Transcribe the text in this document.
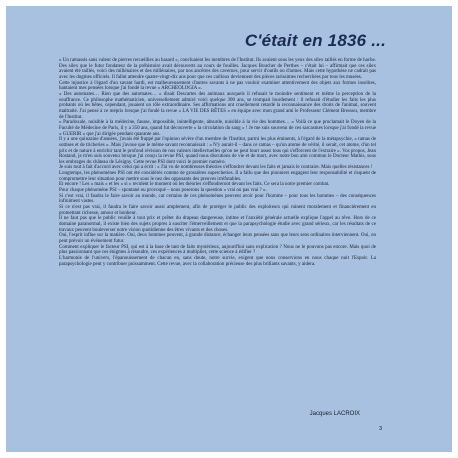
C'était en 1836 ...

« Un ramassis sans valeur de pierres recueillies au hasard », concluaient les membres de l'Institut. Ils avaient sous les yeux des silex taillés en forme de hache. Des silex que le futur fondateur de la préhistoire avait découverts au cours de fouilles. Jacques Boucher de Perthes – c'était lui – affirmait que ces silex avaient été taillés, voici des millénaires et des millénaires, par nos ancêtres des cavernes, pour servir d'outils ou d'armes. Mais cette hypothèse ne cadrait pas avec les dogmes officiels. Il fallut attendre quatre-vingt-dix ans pour que ces cailloux deviennent des pièces rarissimes recherchées par tous les musées.

Cette injustice à l'égard d'un savant hardi, est malheureusement d'autres savants à ne pas vouloir examiner attentivement des objets aux formes insolites, hantaient mes pensées lorsque j'ai fondé la revue « ARCHEOLOGIA ».

« Des automates… Rien que des automates… » disait Descartes des animaux auxquels il refusait le moindre sentiment et même la perception de la souffrance. Ce philosophe mathématicien, universellement admiré voici quelque 300 ans, se trompait lourdement : il refusait d'étudier les faits les plus probants où les bêtes, cependant, jouaient un rôle extraordinaire. Ses affirmations ont cruellement retardé la reconnaissance des droits de l'animal, souvent maltraité. J'ai pensé à ce mépris lorsque j'ai fondé la revue « LA VIE DES BÊTES » en équipe avec mon grand ami le Professeur Clément Bressou, membre de l'Institut.

« Paradoxale, nuisible à la médecine, fausse, impossible, inintelligente, absurde, nuisible à la vie des hommes… » Voilà ce que proclamait le Doyen de la Faculté de Médecine de Paris, il y a 350 ans, quand fut découverte « la circulation du sang » ! Je me suis souvenu de ces sarcasmes lorsque j'ai fondé la revue « GUERIR » que j'ai dirigée pendant quarante ans.

Il y a une quinzaine d'années, j'avais été frappé par l'opinion sévère d'un membre de l'Institut, parmi les plus éminents, à l'égard de la métapsychie, « ramas de sottises et de tricheries ». Mais j'avoue que le même savant reconnaissait : « N'y aurait-il – dans ce ramas – qu'un atome de vérité, il serait, cet atome, d'un tel prix et de nature à enrichir tant le profond révision de nos valeurs intellectuelles qu'on ne peut lourr assez tous qui s'efforcent de l'extraire ». Vos propos, Jean Rostand, je m'en suis souvenu lorsque j'ai conçu la revue PSI, quand nous discutions de vie et de mort, avec notre bon ami commun le Docteur Mathis, sous les ombrages du château de Lésigny. Cette revue PSI dont voici le premier numéro.

Je suis tout à fait d'accord avec celui qui a écrit : « J'ai vu de nombreuses théories s'effondrer devant les faits et jamais le contraire. Mais quelles résistances !

Longtemps, les phénomènes PSI ont été considérés comme de grossières supercheries. Il a fallu que des pionniers engagent leur responsabilité et risquent de compromettre leur situation pour mettre sous le nez des opposants des preuves irréfutables.

Et encore ! Les « mais » et les « si » reculent le moment où les théories s'effondreront devant les faits. Ce sera la notre premier combat.

Pour chaque phénomène PSI – spontané ou provoqué – nous poserons la question « vrai ou pas vrai ? ».

Si c'est vrai, il faudra le faire savoir au monde, car certains de ces phénomènes peuvent avoir pour l'homme – pour tous les hommes – des conséquences infiniment vastes.

Si ce n'est pas vrai, il faudra le faire savoir aussi amplement, afin de protéger le public des exploiteurs qui ruinent moralement et financièrement en promettant richesse, amour et bonheur.

Il ne faut pas que le public veuille à tout prix et prêter du drapeau dangereuse, intime et l'anxiété générale actuelle explique l'appel au rêve. Hors de ce domaine paranormal, il existe bien des sujets propres à susciter l'émerveillement et que la parapsychologie étudie avec grand sérieux, car les résultats de ce travaux peuvent bouleverser notre vision quotidienne des êtres vivants et des choses.

Oui, l'esprit influe sur la matière. Oui, deux hommes peuvent, à grande distance, échanger leurs pensées sans que leurs sens ordinaires interviennent. Oui, on peut prévoir un événement futur.

Comment expliquer le facteur PSI, qui est à la base de tant de faits mystérieux, aujourd'hui sans explication ? Nous ne le pouvons pas encore. Mais quoi de plus passionnant que ces énigmes à résoudre, ces expériences à multiplier, cette science à édifier ?

L'harmonie de l'univers, l'épanouissement de chacun en, sans doute, notre survie, exigent que nous conservions en nous chaque nuit l'Espoir. La parapsychologie peut y contribuer puissamment. Cette revue, avec la collaboration précieuse des plus brillants savants, y aidera.

Jacques LACROIX
3
